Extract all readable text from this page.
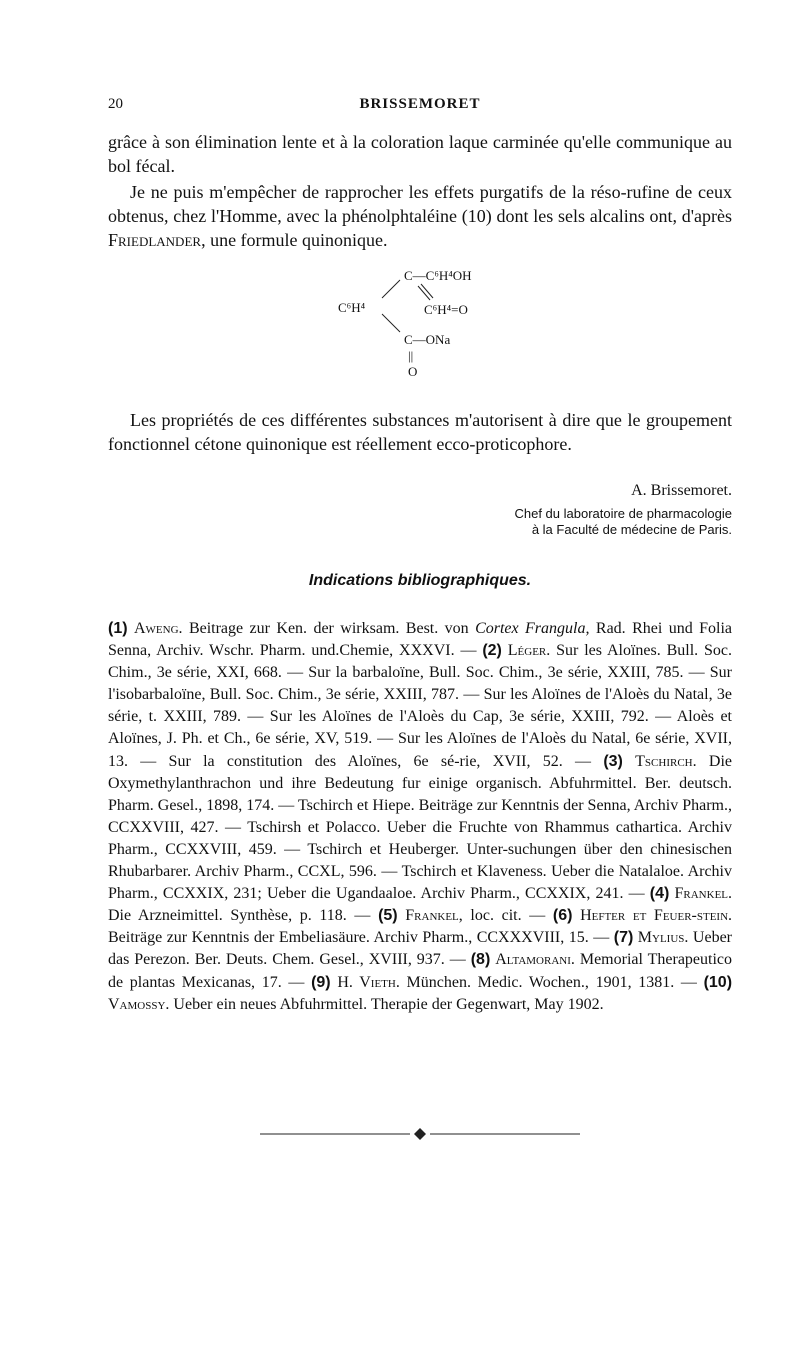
20	BRISSEMORET

grâce à son élimination lente et à la coloration laque carminée qu'elle communique au bol fécal.

Je ne puis m'empêcher de rapprocher les effets purgatifs de la réso-rufine de ceux obtenus, chez l'Homme, avec la phénolphtaléine (10) dont les sels alcalins ont, d'après Friedlander, une formule quinonique.

C⁶H⁴
C—C⁶H⁴OH
C⁶H⁴=O
C—ONa
||
O

Les propriétés de ces différentes substances m'autorisent à dire que le groupement fonctionnel cétone quinonique est réellement ecco-proticophore.

A. Brissemoret.
Chef du laboratoire de pharmacologie
à la Faculté de médecine de Paris.
Indications bibliographiques.

(1) Aweng. Beitrage zur Ken. der wirksam. Best. von Cortex Frangula, Rad. Rhei und Folia Senna, Archiv. Wschr. Pharm. und.Chemie, XXXVI. — (2) Léger. Sur les Aloïnes. Bull. Soc. Chim., 3e série, XXI, 668. — Sur la barbaloïne, Bull. Soc. Chim., 3e série, XXIII, 785. — Sur l'isobarbaloïne, Bull. Soc. Chim., 3e série, XXIII, 787. — Sur les Aloïnes de l'Aloès du Natal, 3e série, t. XXIII, 789. — Sur les Aloïnes de l'Aloès du Cap, 3e série, XXIII, 792. — Aloès et Aloïnes, J. Ph. et Ch., 6e série, XV, 519. — Sur les Aloïnes de l'Aloès du Natal, 6e série, XVII, 13. — Sur la constitution des Aloïnes, 6e sé-rie, XVII, 52. — (3) Tschirch. Die Oxymethylanthrachon und ihre Bedeutung fur einige organisch. Abfuhrmittel. Ber. deutsch. Pharm. Gesel., 1898, 174. — Tschirch et Hiepe. Beiträge zur Kenntnis der Senna, Archiv Pharm., CCXXVIII, 427. — Tschirsh et Polacco. Ueber die Fruchte von Rhammus cathartica. Archiv Pharm., CCXXVIII, 459. — Tschirch et Heuberger. Unter-suchungen über den chinesischen Rhubarbarer. Archiv Pharm., CCXL, 596. — Tschirch et Klaveness. Ueber die Natalaloe. Archiv Pharm., CCXXIX, 231; Ueber die Ugandaaloe. Archiv Pharm., CCXXIX, 241. — (4) Frankel. Die Arzneimittel. Synthèse, p. 118. — (5) Frankel, loc. cit. — (6) Hefter et Feuer-stein. Beiträge zur Kenntnis der Embeliasäure. Archiv Pharm., CCXXXVIII, 15. — (7) Mylius. Ueber das Perezon. Ber. Deuts. Chem. Gesel., XVIII, 937. — (8) Altamorani. Memorial Therapeutico de plantas Mexicanas, 17. — (9) H. Vieth. München. Medic. Wochen., 1901, 1381. — (10) Vamossy. Ueber ein neues Abfuhrmittel. Therapie der Gegenwart, May 1902.
